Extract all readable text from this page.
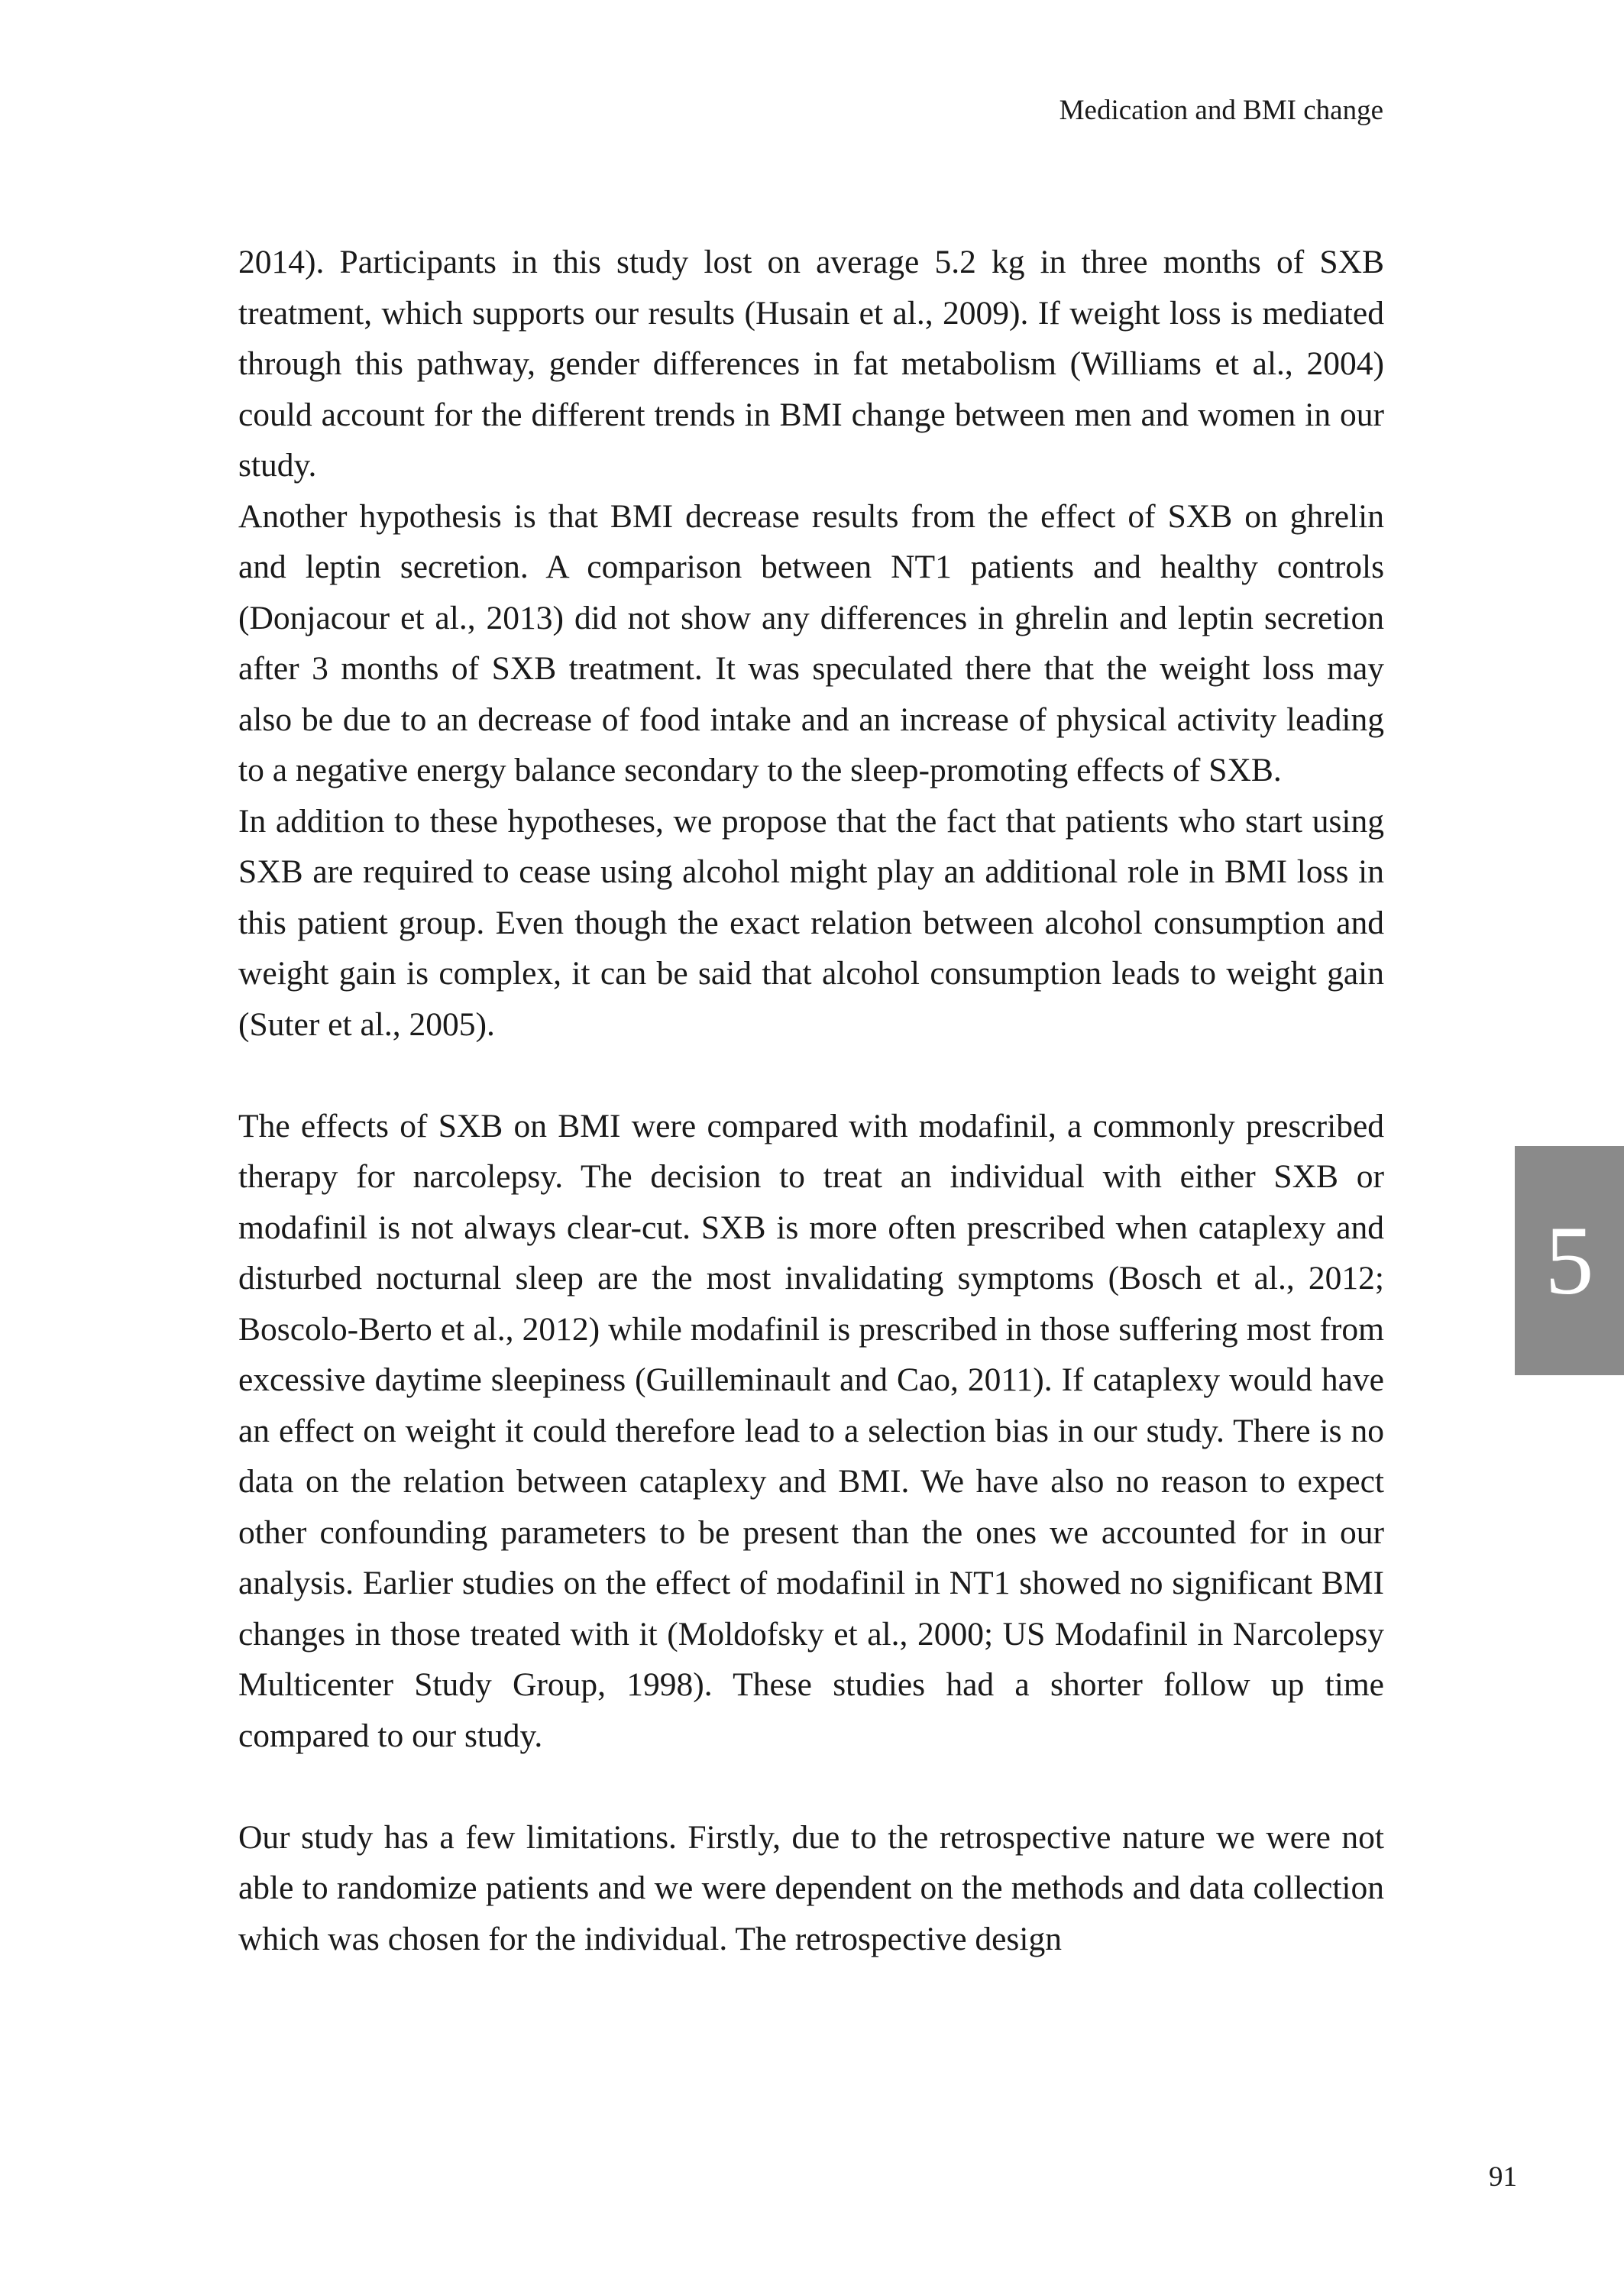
Medication and BMI change

2014). Participants in this study lost on average 5.2 kg in three months of SXB treatment, which supports our results (Husain et al., 2009). If weight loss is mediated through this pathway, gender differences in fat metabolism (Williams et al., 2004) could account for the different trends in BMI change between men and women in our study.

Another hypothesis is that BMI decrease results from the effect of SXB on ghrelin and leptin secretion. A comparison between NT1 patients and healthy controls (Donjacour et al., 2013) did not show any differences in ghrelin and leptin secretion after 3 months of SXB treatment. It was speculated there that the weight loss may also be due to an decrease of food intake and an increase of physical activity leading to a negative energy balance secondary to the sleep-promoting effects of SXB.

In addition to these hypotheses, we propose that the fact that patients who start using SXB are required to cease using alcohol might play an additional role in BMI loss in this patient group. Even though the exact relation between alcohol consumption and weight gain is complex, it can be said that alcohol consumption leads to weight gain (Suter et al., 2005).

The effects of SXB on BMI were compared with modafinil, a commonly prescribed therapy for narcolepsy. The decision to treat an individual with either SXB or modafinil is not always clear-cut. SXB is more often prescribed when cataplexy and disturbed nocturnal sleep are the most invalidating symptoms (Bosch et al., 2012; Boscolo-Berto et al., 2012) while modafinil is prescribed in those suffering most from excessive daytime sleepiness (Guilleminault and Cao, 2011). If cataplexy would have an effect on weight it could therefore lead to a selection bias in our study. There is no data on the relation between cataplexy and BMI. We have also no reason to expect other confounding parameters to be present than the ones we accounted for in our analysis. Earlier studies on the effect of modafinil in NT1 showed no significant BMI changes in those treated with it (Moldofsky et al., 2000; US Modafinil in Narcolepsy Multicenter Study Group, 1998). These studies had a shorter follow up time compared to our study.

Our study has a few limitations. Firstly, due to the retrospective nature we were not able to randomize patients and we were dependent on the methods and data collection which was chosen for the individual. The retrospective design

5
91
